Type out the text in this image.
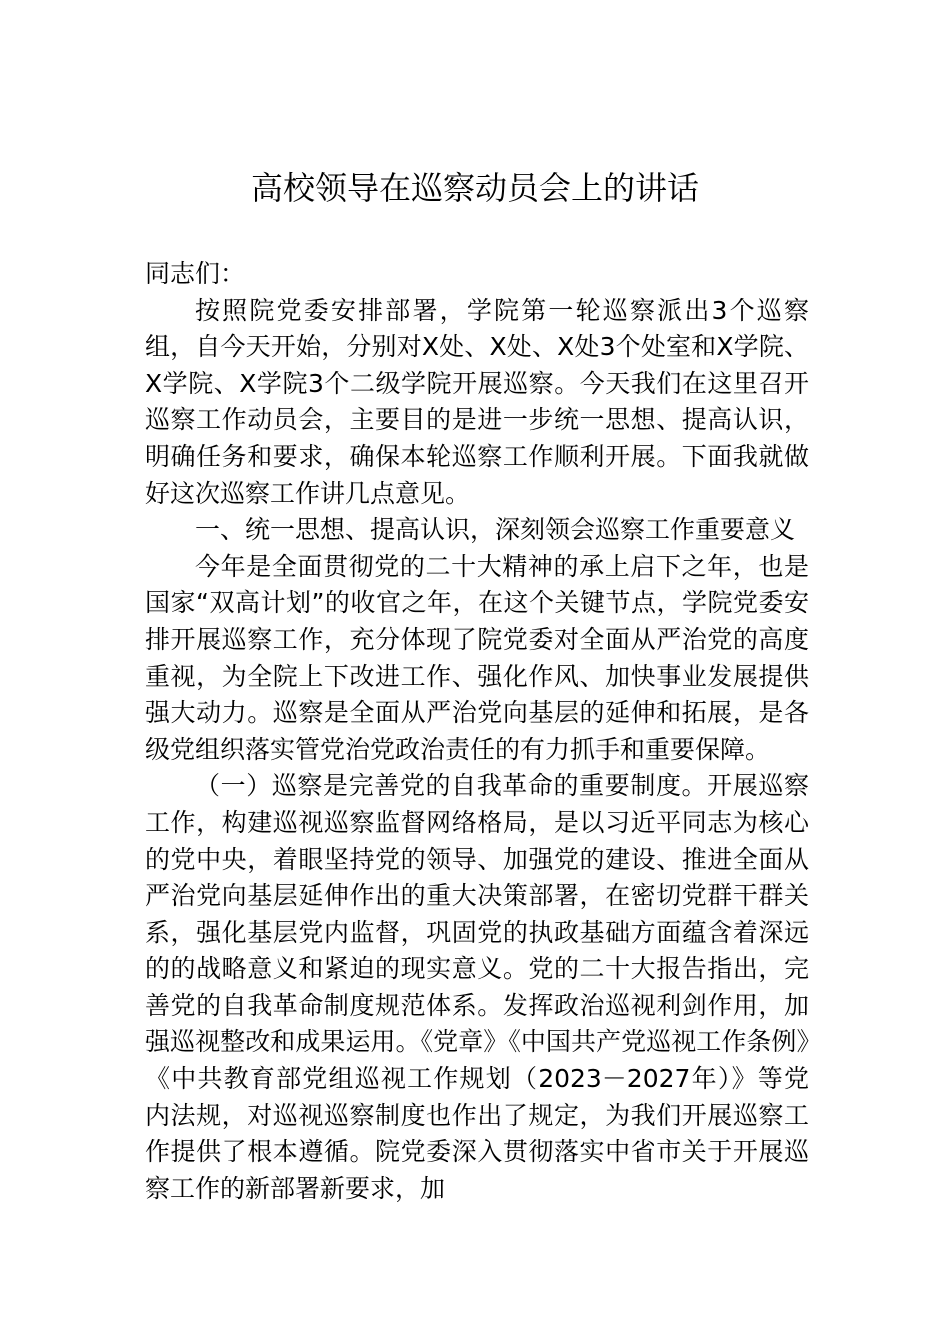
高校领导在巡察动员会上的讲话

同志们：

按照院党委安排部署，学院第一轮巡察派出3个巡察组，自今天开始，分别对X处、X处、X处3个处室和X学院、X学院、X学院3个二级学院开展巡察。今天我们在这里召开巡察工作动员会，主要目的是进一步统一思想、提高认识，明确任务和要求，确保本轮巡察工作顺利开展。下面我就做好这次巡察工作讲几点意见。

一、统一思想、提高认识，深刻领会巡察工作重要意义

今年是全面贯彻党的二十大精神的承上启下之年，也是国家“双高计划”的收官之年，在这个关键节点，学院党委安排开展巡察工作，充分体现了院党委对全面从严治党的高度重视，为全院上下改进工作、强化作风、加快事业发展提供强大动力。巡察是全面从严治党向基层的延伸和拓展，是各级党组织落实管党治党政治责任的有力抓手和重要保障。

（一）巡察是完善党的自我革命的重要制度。开展巡察工作，构建巡视巡察监督网络格局，是以习近平同志为核心的党中央，着眼坚持党的领导、加强党的建设、推进全面从严治党向基层延伸作出的重大决策部署，在密切党群干群关系，强化基层党内监督，巩固党的执政基础方面蕴含着深远的的战略意义和紧迫的现实意义。党的二十大报告指出，完善党的自我革命制度规范体系。发挥政治巡视利剑作用，加强巡视整改和成果运用。《党章》《中国共产党巡视工作条例》《中共教育部党组巡视工作规划（2023－2027年）》等党内法规，对巡视巡察制度也作出了规定，为我们开展巡察工作提供了根本遵循。院党委深入贯彻落实中省市关于开展巡察工作的新部署新要求，加
